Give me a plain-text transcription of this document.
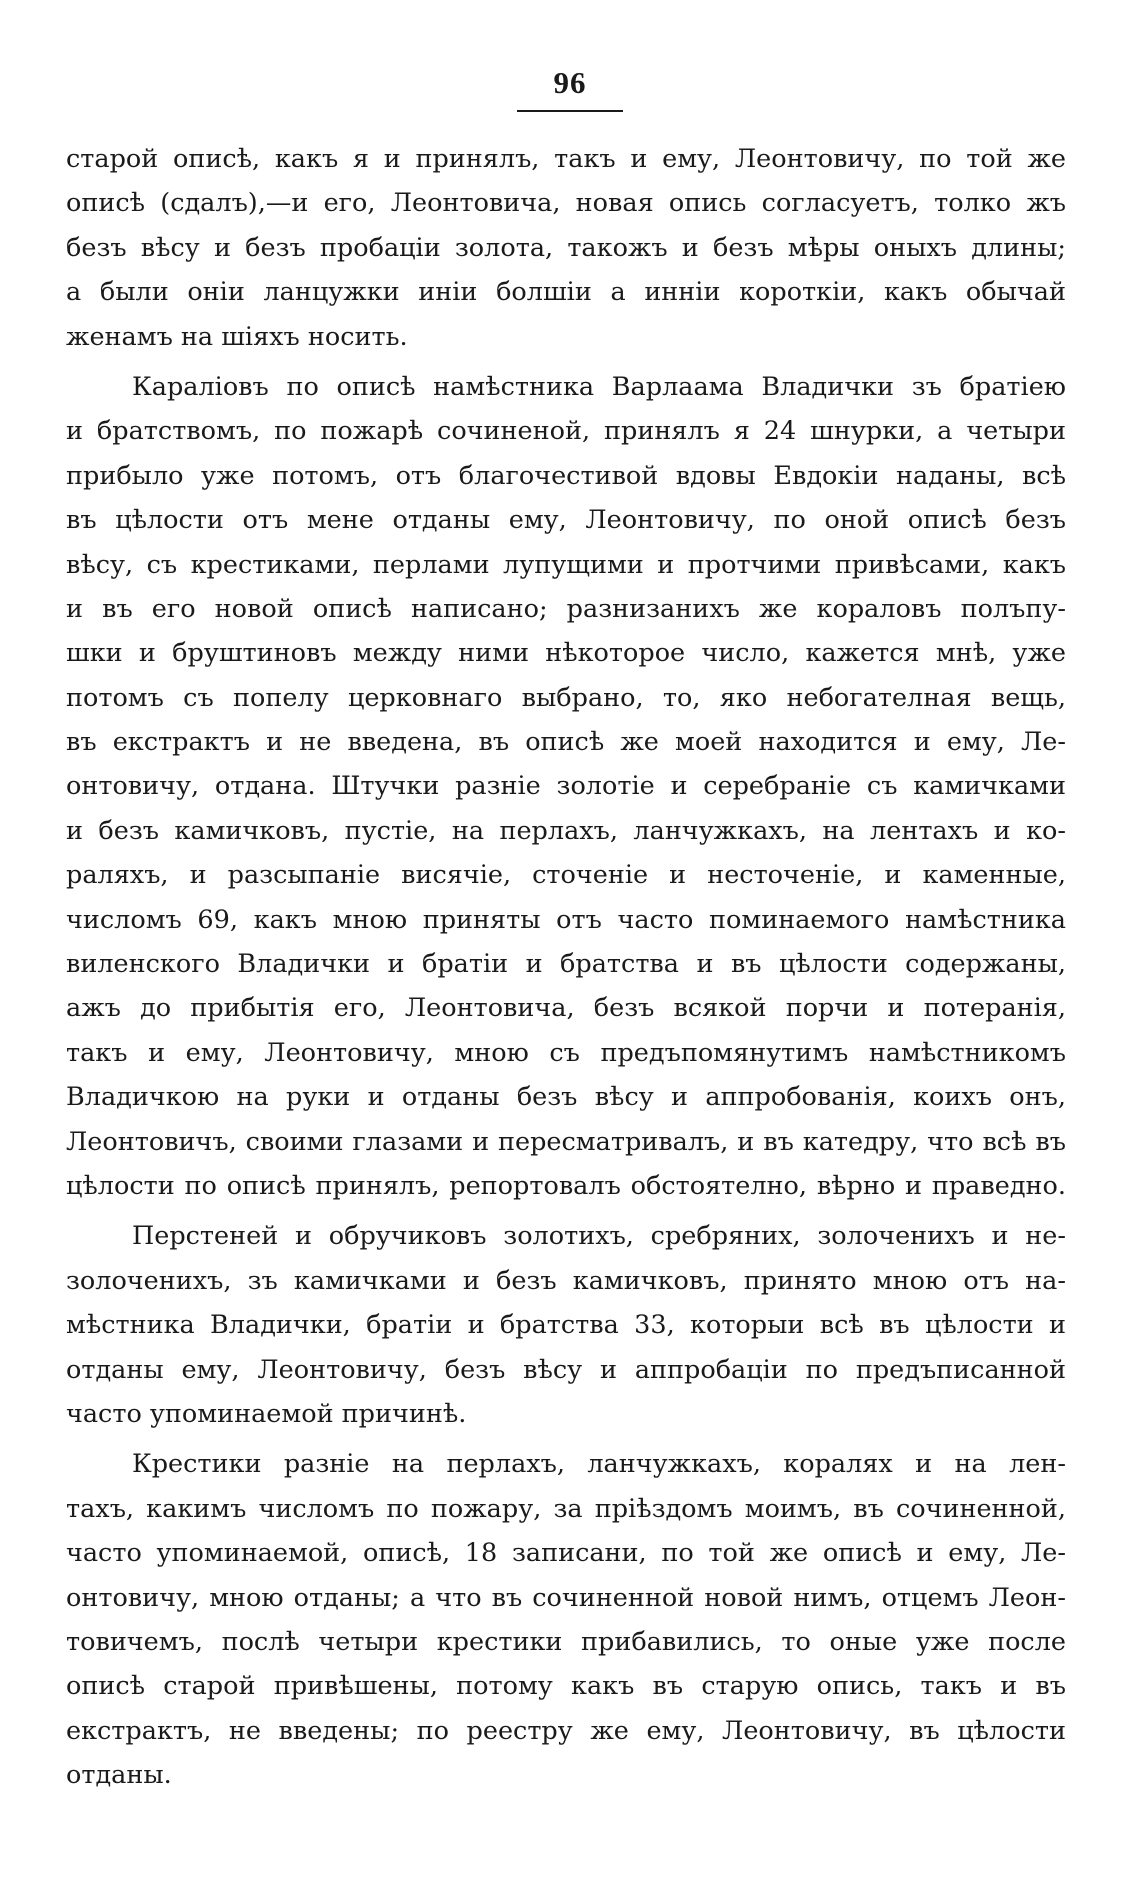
96
старой описѣ, какъ я и принялъ, такъ и ему, Леонтовичу, по той же
описѣ (сдалъ),—и его, Леонтовича, новая опись согласуетъ, толко жъ
безъ вѣсу и безъ пробаціи золота, такожъ и безъ мѣры оныхъ длины;
а были оніи ланцужки иніи болшіи а инніи короткіи, какъ обычай
женамъ на шіяхъ носить.
Караліовъ по описѣ намѣстника Варлаама Владички зъ братіею
и братствомъ, по пожарѣ сочиненой, принялъ я 24 шнурки, а четыри
прибыло уже потомъ, отъ благочестивой вдовы Евдокіи наданы, всѣ
въ цѣлости отъ мене отданы ему, Леонтовичу, по оной описѣ безъ
вѣсу, съ крестиками, перлами лупущими и протчими привѣсами, какъ
и въ его новой описѣ написано; разнизанихъ же кораловъ полъпу-
шки и бруштиновъ между ними нѣкоторое число, кажется мнѣ, уже
потомъ съ попелу церковнаго выбрано, то, яко небогателная вещь,
въ екстрактъ и не введена, въ описѣ же моей находится и ему, Ле-
онтовичу, отдана. Штучки разніе золотіе и серебраніе съ камичками
и безъ камичковъ, пустіе, на перлахъ, ланчужкахъ, на лентахъ и ко-
раляхъ, и разсыпаніе висячіе, сточеніе и несточеніе, и каменные,
числомъ 69, какъ мною приняты отъ часто поминаемого намѣстника
виленского Владички и братіи и братства и въ цѣлости содержаны,
ажъ до прибытія его, Леонтовича, безъ всякой порчи и потеранія,
такъ и ему, Леонтовичу, мною съ предъпомянутимъ намѣстникомъ
Владичкою на руки и отданы безъ вѣсу и аппробованія, коихъ онъ,
Леонтовичъ, своими глазами и пересматривалъ, и въ катедру, что всѣ въ
цѣлости по описѣ принялъ, репортовалъ обстоятелно, вѣрно и праведно.
Перстеней и обручиковъ золотихъ, сребряних, золоченихъ и не-
золоченихъ, зъ камичками и безъ камичковъ, принято мною отъ на-
мѣстника Владички, братіи и братства 33, которыи всѣ въ цѣлости и
отданы ему, Леонтовичу, безъ вѣсу и аппробаціи по предъписанной
часто упоминаемой причинѣ.
Крестики разніе на перлахъ, ланчужкахъ, коралях и на лен-
тахъ, какимъ числомъ по пожару, за пріѣздомъ моимъ, въ сочиненной,
часто упоминаемой, описѣ, 18 записани, по той же описѣ и ему, Ле-
онтовичу, мною отданы; а что въ сочиненной новой нимъ, отцемъ Леон-
товичемъ, послѣ четыри крестики прибавились, то оные уже после
описѣ старой привѣшены, потому какъ въ старую опись, такъ и въ
екстрактъ, не введены; по реестру же ему, Леонтовичу, въ цѣлости
отданы.
